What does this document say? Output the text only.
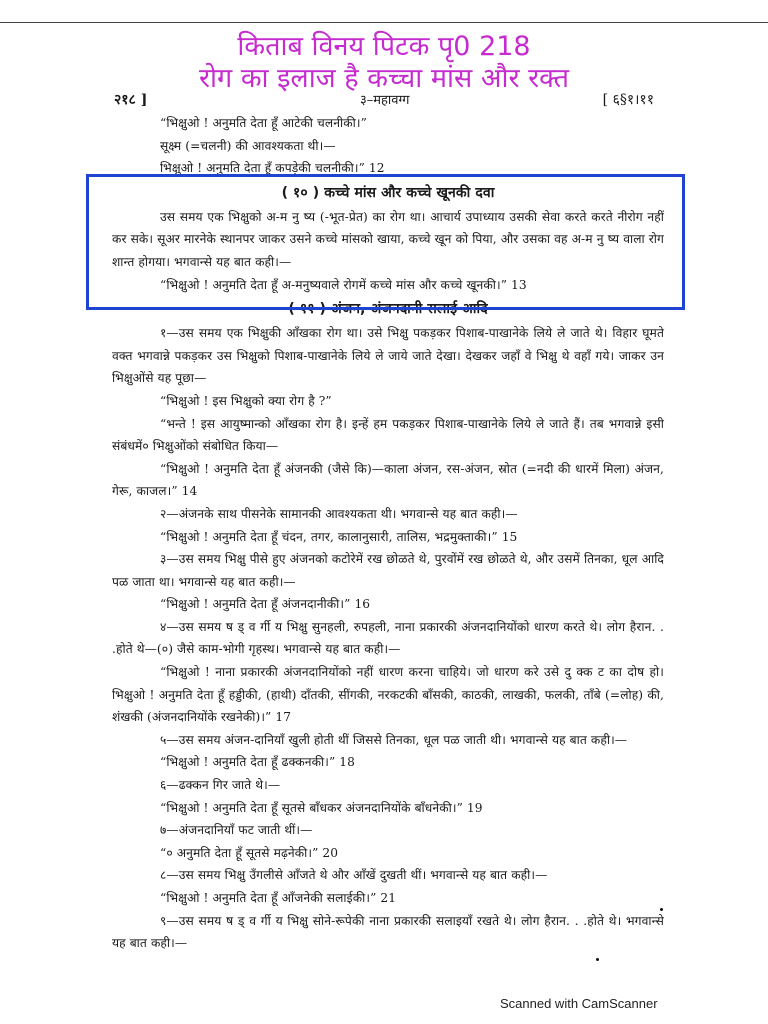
किताब विनय पिटक पृ0 218
रोग का इलाज है कच्चा मांस और रक्त
२१८ ]	३–महावग्ग	[ ६§१।११

“भिक्षुओ ! अनुमति देता हूँ आटेकी चलनीकी।”

सूक्ष्म (=चलनी) की आवश्यकता थी।—

भिक्षुओ ! अनुमति देता हूँ कपड़ेकी चलनीकी।” 12

( १० ) कच्चे मांस और कच्चे खूनकी दवा

उस समय एक भिक्षुको अ-म नु ष्य (-भूत-प्रेत) का रोग था। आचार्य उपाध्याय उसकी सेवा करते करते नीरोग नहीं कर सके। सूअर मारनेके स्थानपर जाकर उसने कच्चे मांसको खाया, कच्चे खून को पिया, और उसका वह अ-म नु ष्य वाला रोग शान्त होगया। भगवान्से यह बात कही।—

“भिक्षुओ ! अनुमति देता हूँ अ-मनुष्यवाले रोगमें कच्चे मांस और कच्चे खूनकी।” 13

( ११ ) अंजन, अंजनदानी सलाई आदि

१—उस समय एक भिक्षुकी आँखका रोग था। उसे भिक्षु पकड़कर पिशाब-पाखानेके लिये ले जाते थे। विहार घूमते वक्त भगवान्ने पकड़कर उस भिक्षुको पिशाब-पाखानेके लिये ले जाये जाते देखा। देखकर जहाँ वे भिक्षु थे वहाँ गये। जाकर उन भिक्षुओंसे यह पूछा—

“भिक्षुओ ! इस भिक्षुको क्या रोग है ?”

“भन्ते ! इस आयुष्मान्को आँखका रोग है। इन्हें हम पकड़कर पिशाब-पाखानेके लिये ले जाते हैं। तब भगवान्ने इसी संबंधमें० भिक्षुओंको संबोधित किया—

“भिक्षुओ ! अनुमति देता हूँ अंजनकी (जैसे कि)—काला अंजन, रस-अंजन, स्रोत (=नदी की धारमें मिला) अंजन, गेरू, काजल।” 14

२—अंजनके साथ पीसनेके सामानकी आवश्यकता थी। भगवान्से यह बात कही।—

“भिक्षुओ ! अनुमति देता हूँ चंदन, तगर, कालानुसारी, तालिस, भद्रमुक्ताकी।” 15

३—उस समय भिक्षु पीसे हुए अंजनको कटोरेमें रख छोळते थे, पुरवोंमें रख छोळते थे, और उसमें तिनका, धूल आदि पळ जाता था। भगवान्से यह बात कही।—

“भिक्षुओ ! अनुमति देता हूँ अंजनदानीकी।” 16

४—उस समय ष ड् व र्गी य भिक्षु सुनहली, रुपहली, नाना प्रकारकी अंजनदानियोंको धारण करते थे। लोग हैरान. . .होते थे—(०) जैसे काम-भोगी गृहस्थ। भगवान्से यह बात कही।—

“भिक्षुओ ! नाना प्रकारकी अंजनदानियोंको नहीं धारण करना चाहिये। जो धारण करे उसे दु क्क ट का दोष हो। भिक्षुओ ! अनुमति देता हूँ हड्डीकी, (हाथी) दाँतकी, सींगकी, नरकटकी बाँसकी, काठकी, लाखकी, फलकी, ताँबे (=लोह) की, शंखकी (अंजनदानियोंके रखनेकी)।” 17

५—उस समय अंजन-दानियाँ खुली होती थीं जिससे तिनका, धूल पळ जाती थी। भगवान्से यह बात कही।—

“भिक्षुओ ! अनुमति देता हूँ ढक्कनकी।” 18

६—ढक्कन गिर जाते थे।—

“भिक्षुओ ! अनुमति देता हूँ सूतसे बाँधकर अंजनदानियोंके बाँधनेकी।” 19

७—अंजनदानियाँ फट जाती थीं।—

“० अनुमति देता हूँ सूतसे मढ़नेकी।” 20

८—उस समय भिक्षु उँगलीसे आँजते थे और आँखें दुखती थीं। भगवान्से यह बात कही।—

“भिक्षुओ ! अनुमति देता हूँ आँजनेकी सलाईकी।” 21

९—उस समय ष ड् व र्गी य भिक्षु सोने-रूपेकी नाना प्रकारकी सलाइयाँ रखते थे। लोग हैरान. . .होते थे। भगवान्से यह बात कही।—

Scanned with CamScanner
